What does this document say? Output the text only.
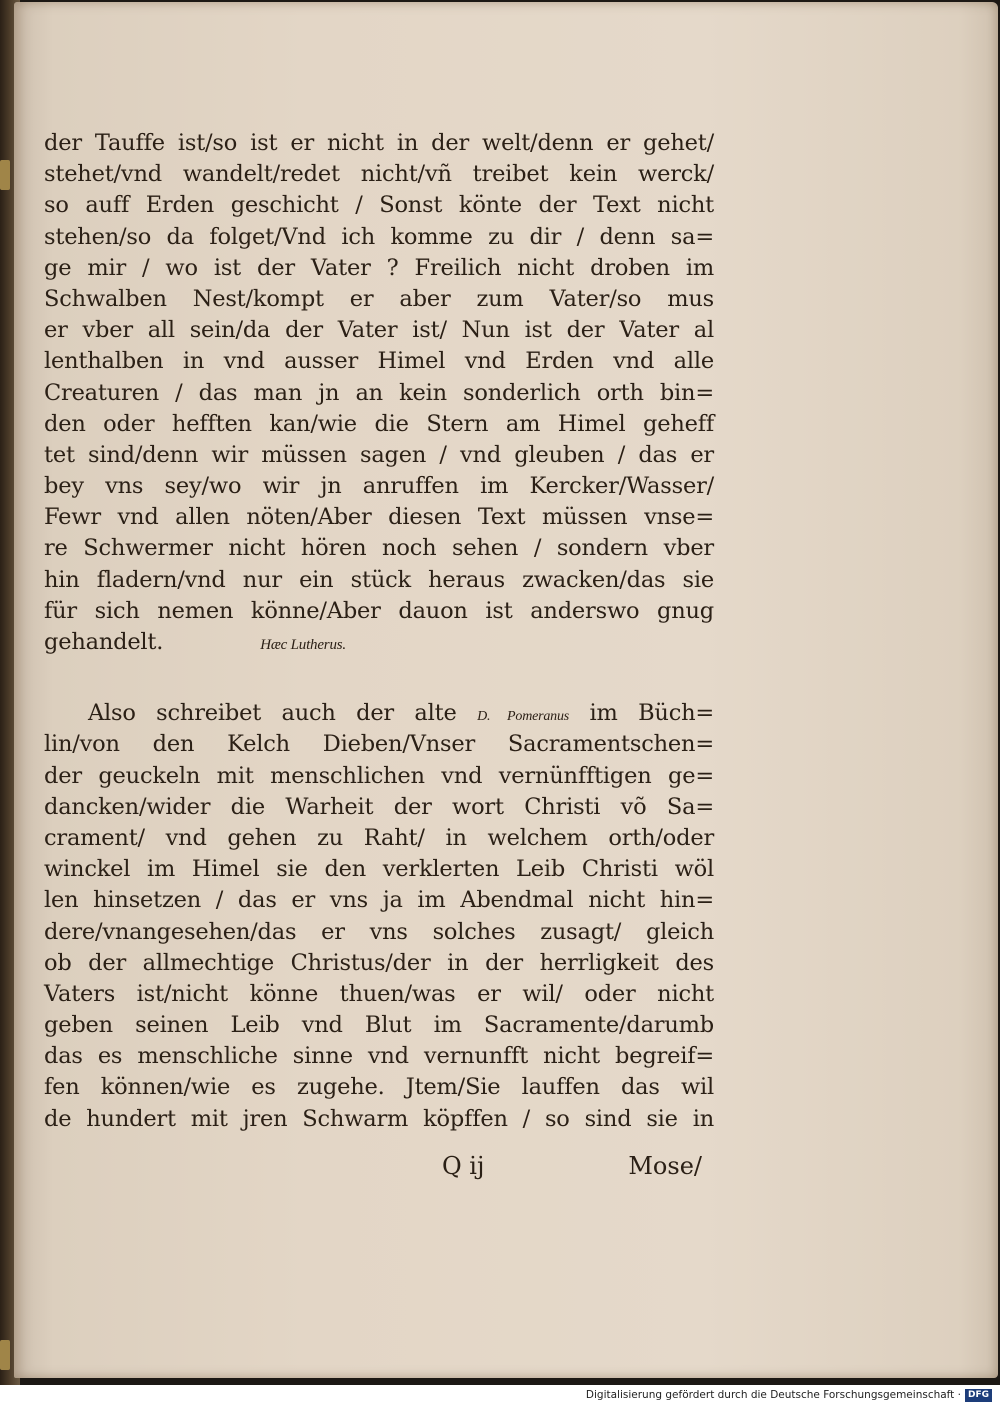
der Tauffe ist/so ist er nicht in der welt/denn er gehet/
stehet/vnd wandelt/redet nicht/vñ treibet kein werck/
so auff Erden geschicht / Sonst könte der Text nicht
stehen/so da folget/Vnd ich komme zu dir / denn sa=
ge mir / wo ist der Vater ? Freilich nicht droben im
Schwalben Nest/kompt er aber zum Vater/so mus
er vber all sein/da der Vater ist/ Nun ist der Vater al
lenthalben in vnd ausser Himel vnd Erden vnd alle
Creaturen / das man jn an kein sonderlich orth bin=
den oder hefften kan/wie die Stern am Himel geheff
tet sind/denn wir müssen sagen / vnd gleuben / das er
bey vns sey/wo wir jn anruffen im Kercker/Wasser/
Fewr vnd allen nöten/Aber diesen Text müssen vnse=
re Schwermer nicht hören noch sehen / sondern vber
hin fladern/vnd nur ein stück heraus zwacken/das sie
für sich nemen könne/Aber dauon ist anderswo gnug
gehandelt.	Hæc Lutherus.
Also schreibet auch der alte D. Pomeranus im Büch=
lin/von den Kelch Dieben/Vnser Sacramentschen=
der geuckeln mit menschlichen vnd vernünfftigen ge=
dancken/wider die Warheit der wort Christi võ Sa=
crament/ vnd gehen zu Raht/ in welchem orth/oder
winckel im Himel sie den verklerten Leib Christi wöl
len hinsetzen / das er vns ja im Abendmal nicht hin=
dere/vnangesehen/das er vns solches zusagt/ gleich
ob der allmechtige Christus/der in der herrligkeit des
Vaters ist/nicht könne thuen/was er wil/ oder nicht
geben seinen Leib vnd Blut im Sacramente/darumb
das es menschliche sinne vnd vernunfft nicht begreif=
fen können/wie es zugehe. Jtem/Sie lauffen das wil
de hundert mit jren Schwarm köpffen / so sind sie in
Q ij	Mose/
Digitalisierung gefördert durch die Deutsche Forschungsgemeinschaft · DFG
